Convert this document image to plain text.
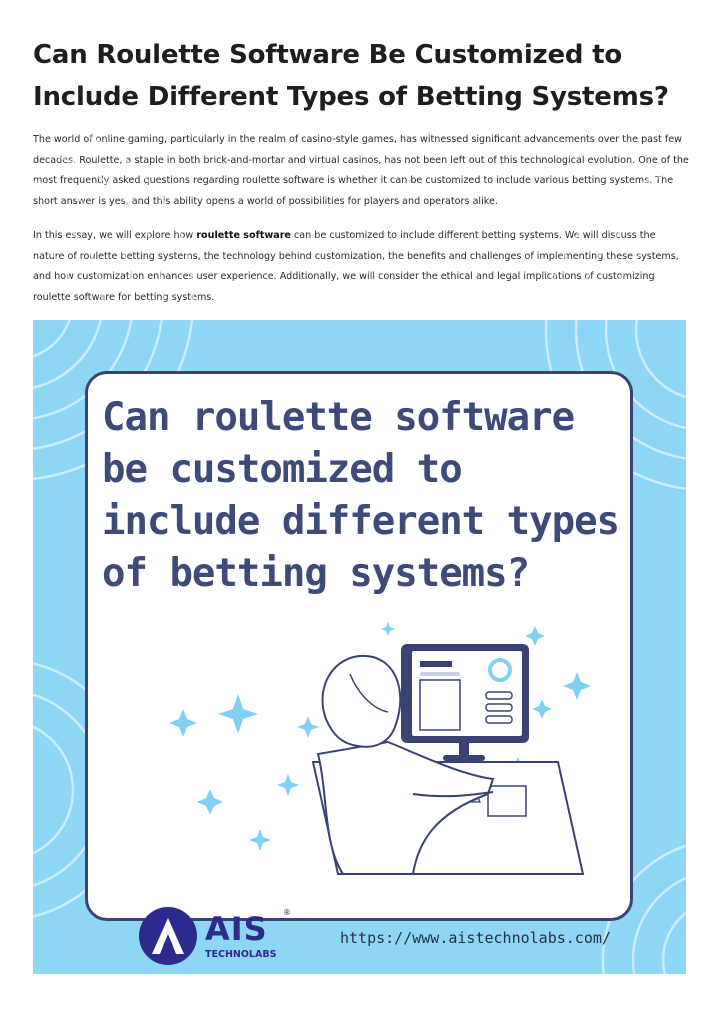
Can Roulette Software Be Customized to Include Different Types of Betting Systems?

The world of online gaming, particularly in the realm of casino-style games, has witnessed significant advancements over the past few decades. Roulette, a staple in both brick-and-mortar and virtual casinos, has not been left out of this technological evolution. One of the most frequently asked questions regarding roulette software is whether it can be customized to include various betting systems. The short answer is yes, and this ability opens a world of possibilities for players and operators alike.

In this essay, we will explore how roulette software can be customized to include different betting systems. We will discuss the nature of roulette betting systems, the technology behind customization, the benefits and challenges of implementing these systems, and how customization enhances user experience. Additionally, we will consider the ethical and legal implications of customizing roulette software for betting systems.

Can roulette software be customized to include different types of betting systems?
AIS ®
TECHNOLABS
https://www.aistechnolabs.com/
